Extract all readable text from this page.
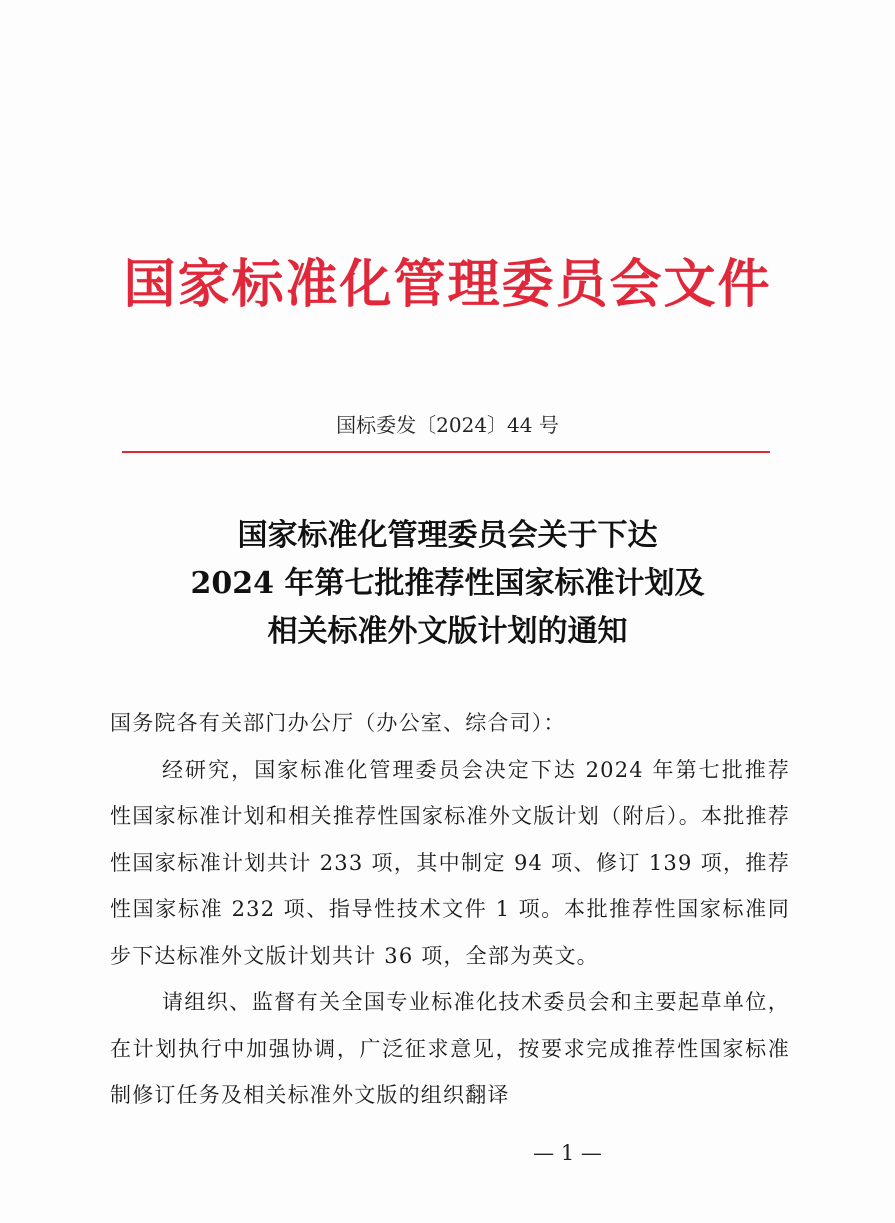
国家标准化管理委员会文件
国标委发〔2024〕44 号
国家标准化管理委员会关于下达
2024 年第七批推荐性国家标准计划及
相关标准外文版计划的通知

国务院各有关部门办公厅（办公室、综合司）：

经研究，国家标准化管理委员会决定下达 2024 年第七批推荐性国家标准计划和相关推荐性国家标准外文版计划（附后）。本批推荐性国家标准计划共计 233 项，其中制定 94 项、修订 139 项，推荐性国家标准 232 项、指导性技术文件 1 项。本批推荐性国家标准同步下达标准外文版计划共计 36 项，全部为英文。

请组织、监督有关全国专业标准化技术委员会和主要起草单位，在计划执行中加强协调，广泛征求意见，按要求完成推荐性国家标准制修订任务及相关标准外文版的组织翻译

— 1 —
